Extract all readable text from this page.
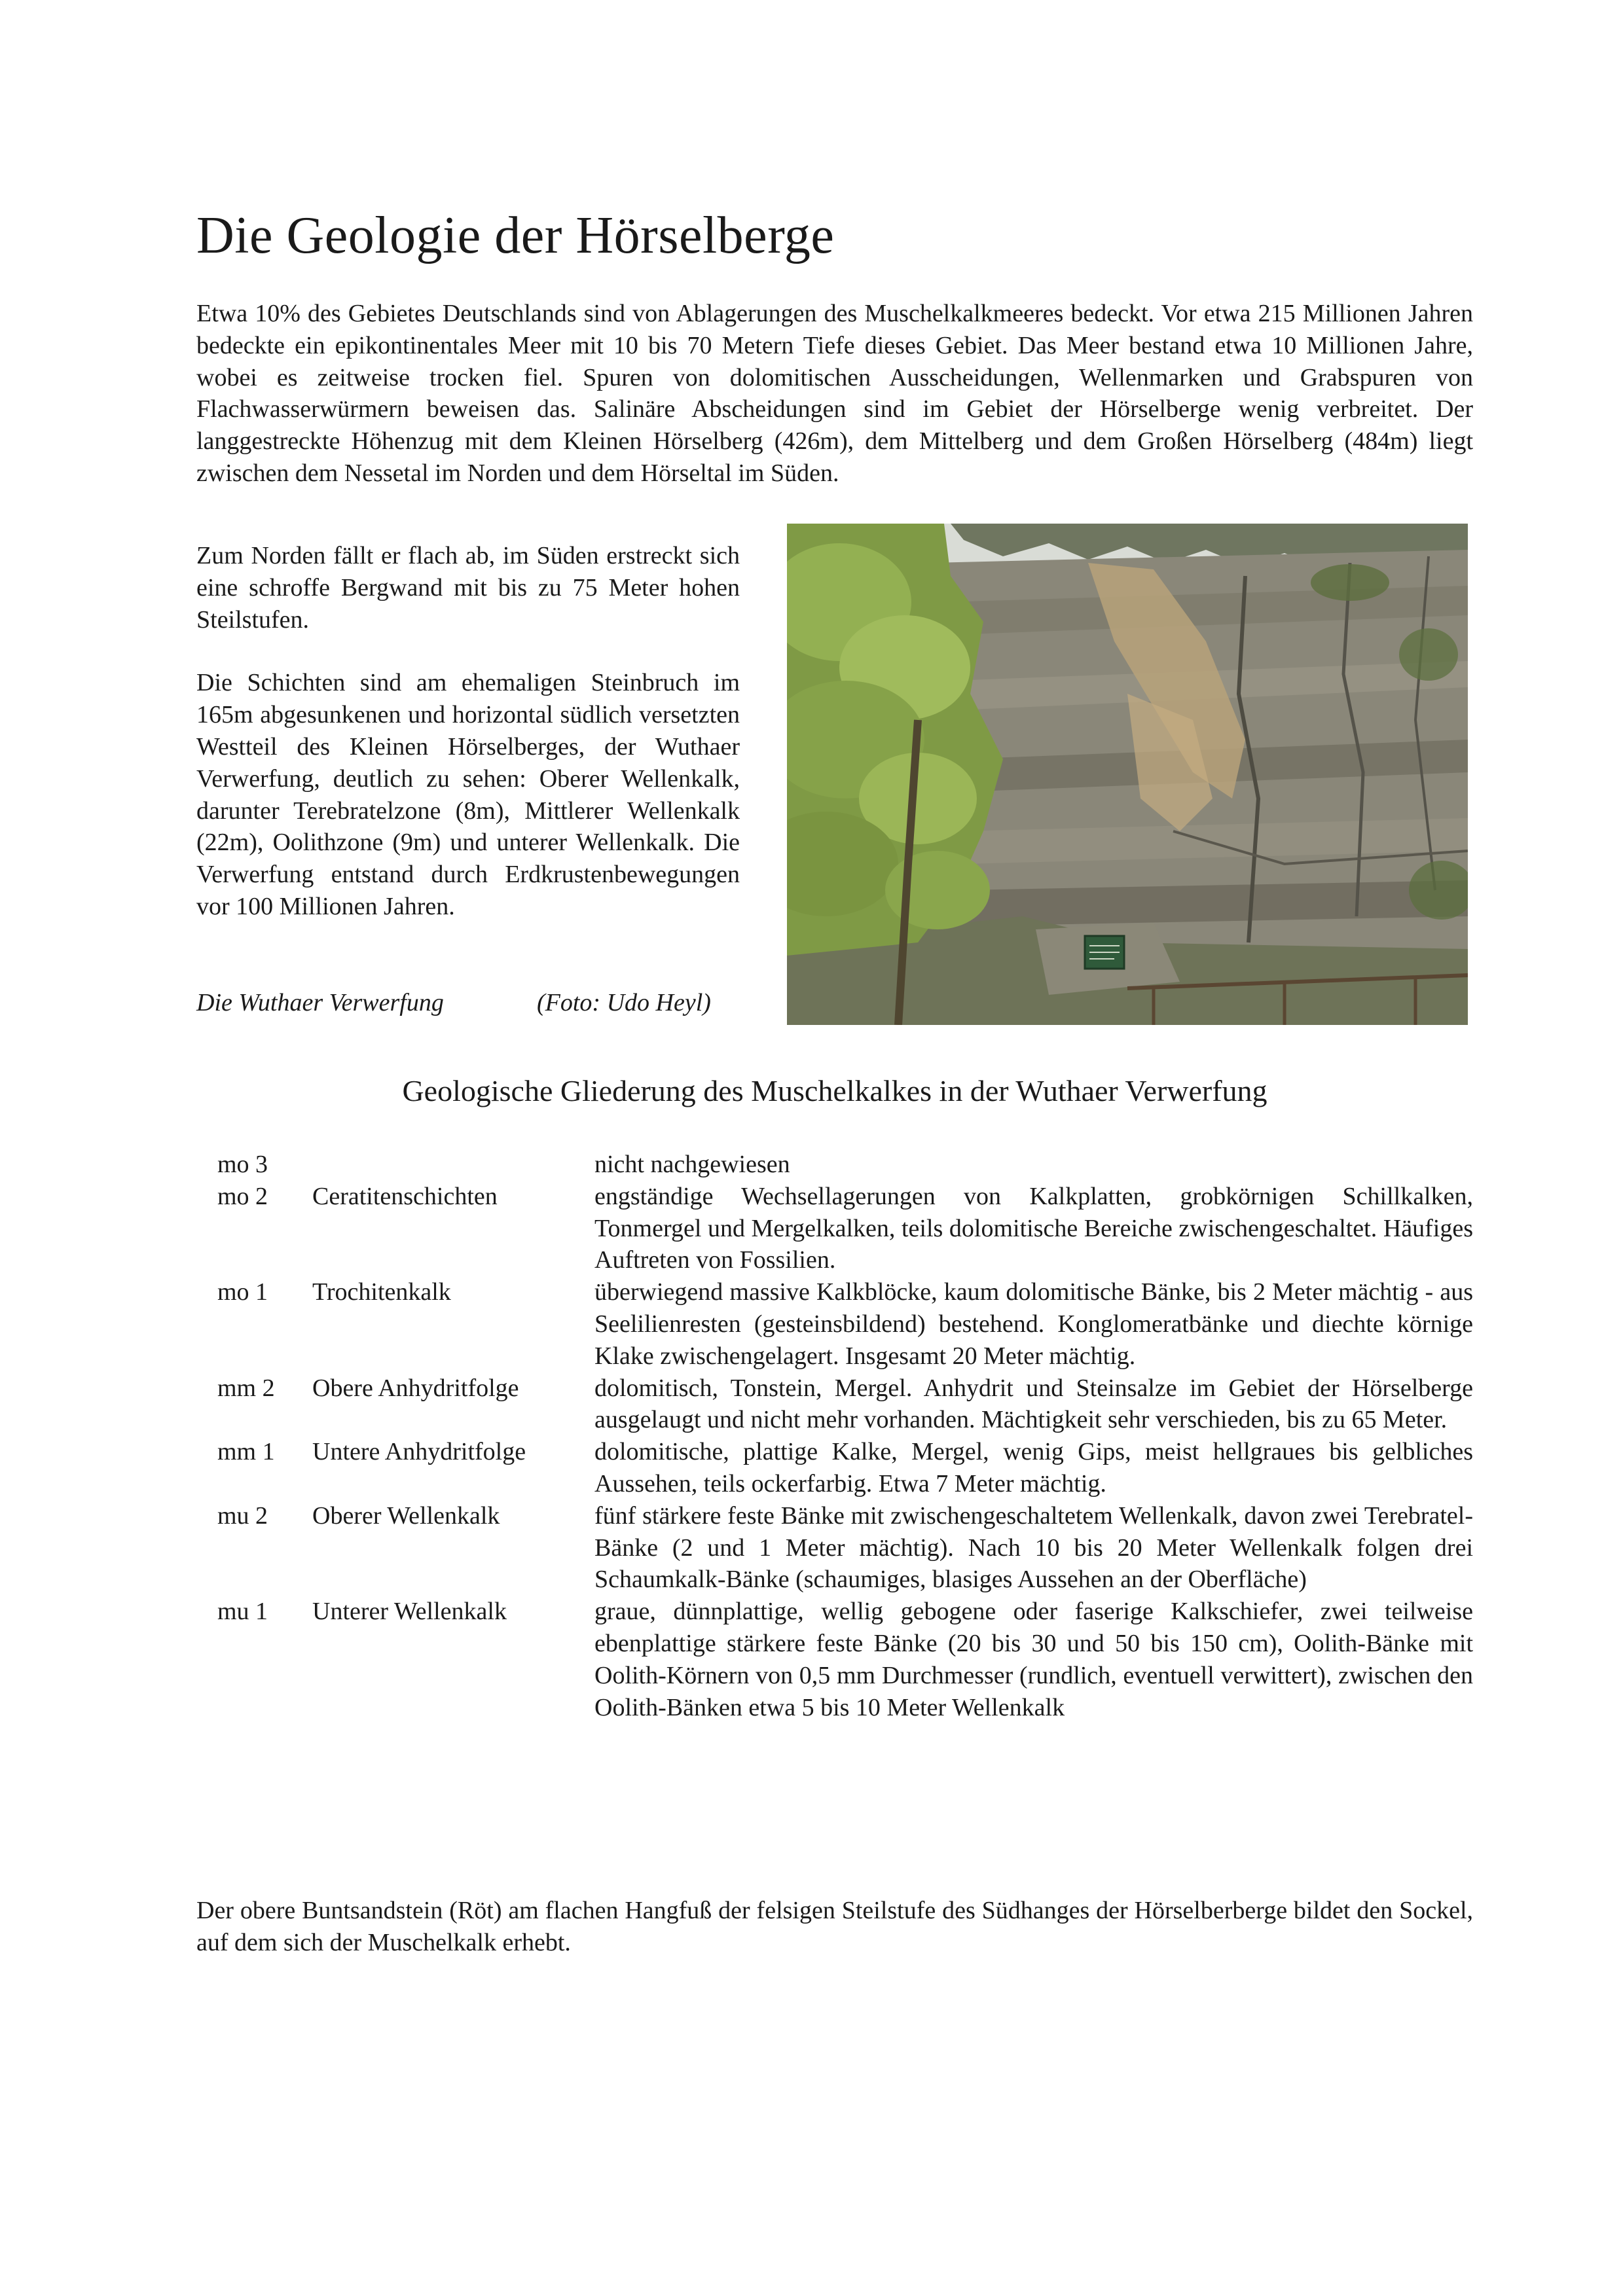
Die Geologie der Hörselberge

Etwa 10% des Gebietes Deutschlands sind von Ablagerungen des Muschelkalkmeeres bedeckt. Vor etwa 215 Millionen Jahren bedeckte ein epikontinentales Meer mit 10 bis 70 Metern Tiefe dieses Gebiet. Das Meer bestand etwa 10 Millionen Jahre, wobei es zeitweise trocken fiel. Spuren von dolomitischen Ausscheidungen, Wellenmarken und Grabspuren von Flachwasserwürmern beweisen das. Salinäre Abscheidungen sind im Gebiet der Hörselberge wenig verbreitet. Der langgestreckte Höhenzug mit dem Kleinen Hörselberg (426m), dem Mittelberg und dem Großen Hörselberg (484m) liegt zwischen dem Nessetal im Norden und dem Hörseltal im Süden.

Zum Norden fällt er flach ab, im Süden erstreckt sich eine schroffe Bergwand mit bis zu 75 Meter hohen Steilstufen.

Die Schichten sind am ehemaligen Steinbruch im 165m abgesunkenen und horizontal südlich versetzten Westteil des Kleinen Hörselberges, der Wuthaer Verwerfung, deutlich zu sehen: Oberer Wellenkalk, darunter Terebratelzone (8m), Mittlerer Wellenkalk (22m), Oolithzone (9m) und unterer Wellenkalk. Die Verwerfung entstand durch Erdkrustenbewegungen vor 100 Millionen Jahren.

Die Wuthaer Verwerfung	(Foto: Udo Heyl)
Geologische Gliederung des Muschelkalkes in der Wuthaer Verwerfung
mo 3		nicht nachgewiesen
mo 2	Ceratitenschichten	engständige Wechsellagerungen von Kalkplatten, grobkörnigen Schillkalken, Tonmergel und Mergelkalken, teils dolomitische Bereiche zwischengeschaltet. Häufiges Auftreten von Fossilien.
mo 1	Trochitenkalk	überwiegend massive Kalkblöcke, kaum dolomitische Bänke, bis 2 Meter mächtig - aus Seelilienresten (gesteinsbildend) bestehend. Konglomeratbänke und diechte körnige Klake zwischengelagert. Insgesamt 20 Meter mächtig.
mm 2	Obere Anhydritfolge	dolomitisch, Tonstein, Mergel. Anhydrit und Steinsalze im Gebiet der Hörselberge ausgelaugt und nicht mehr vorhanden. Mächtigkeit sehr verschieden, bis zu 65 Meter.
mm 1	Untere Anhydritfolge	dolomitische, plattige Kalke, Mergel, wenig Gips, meist hellgraues bis gelbliches Aussehen, teils ockerfarbig. Etwa 7 Meter mächtig.
mu 2	Oberer Wellenkalk	fünf stärkere feste Bänke mit zwischengeschaltetem Wellenkalk, davon zwei Terebratel-Bänke (2 und 1 Meter mächtig). Nach 10 bis 20 Meter Wellenkalk folgen drei Schaumkalk-Bänke (schaumiges, blasiges Aussehen an der Oberfläche)
mu 1	Unterer Wellenkalk	graue, dünnplattige, wellig gebogene oder faserige Kalkschiefer, zwei teilweise ebenplattige stärkere feste Bänke (20 bis 30 und 50 bis 150 cm), Oolith-Bänke mit Oolith-Körnern von 0,5 mm Durchmesser (rundlich, eventuell verwittert), zwischen den Oolith-Bänken etwa 5 bis 10 Meter Wellenkalk

Der obere Buntsandstein (Röt) am flachen Hangfuß der felsigen Steilstufe des Südhanges der Hörselberberge bildet den Sockel, auf dem sich der Muschelkalk erhebt.
